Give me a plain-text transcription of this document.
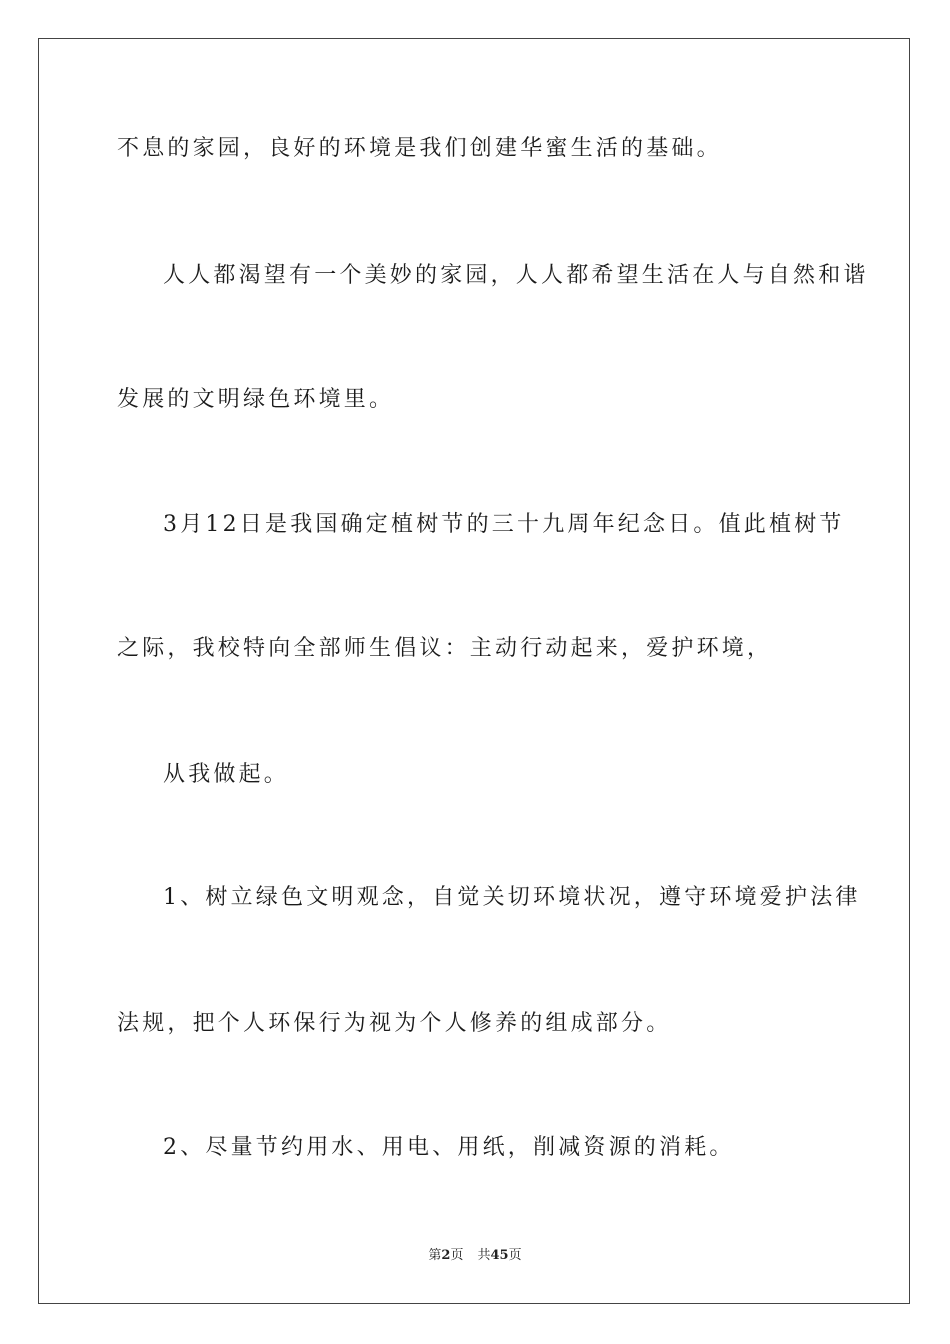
不息的家园，良好的环境是我们创建华蜜生活的基础。
人人都渴望有一个美妙的家园，人人都希望生活在人与自然和谐
发展的文明绿色环境里。
3月12日是我国确定植树节的三十九周年纪念日。值此植树节
之际，我校特向全部师生倡议：主动行动起来，爱护环境，
从我做起。
1、树立绿色文明观念，自觉关切环境状况，遵守环境爱护法律
法规，把个人环保行为视为个人修养的组成部分。
2、尽量节约用水、用电、用纸，削减资源的消耗。
第2页 共45页
